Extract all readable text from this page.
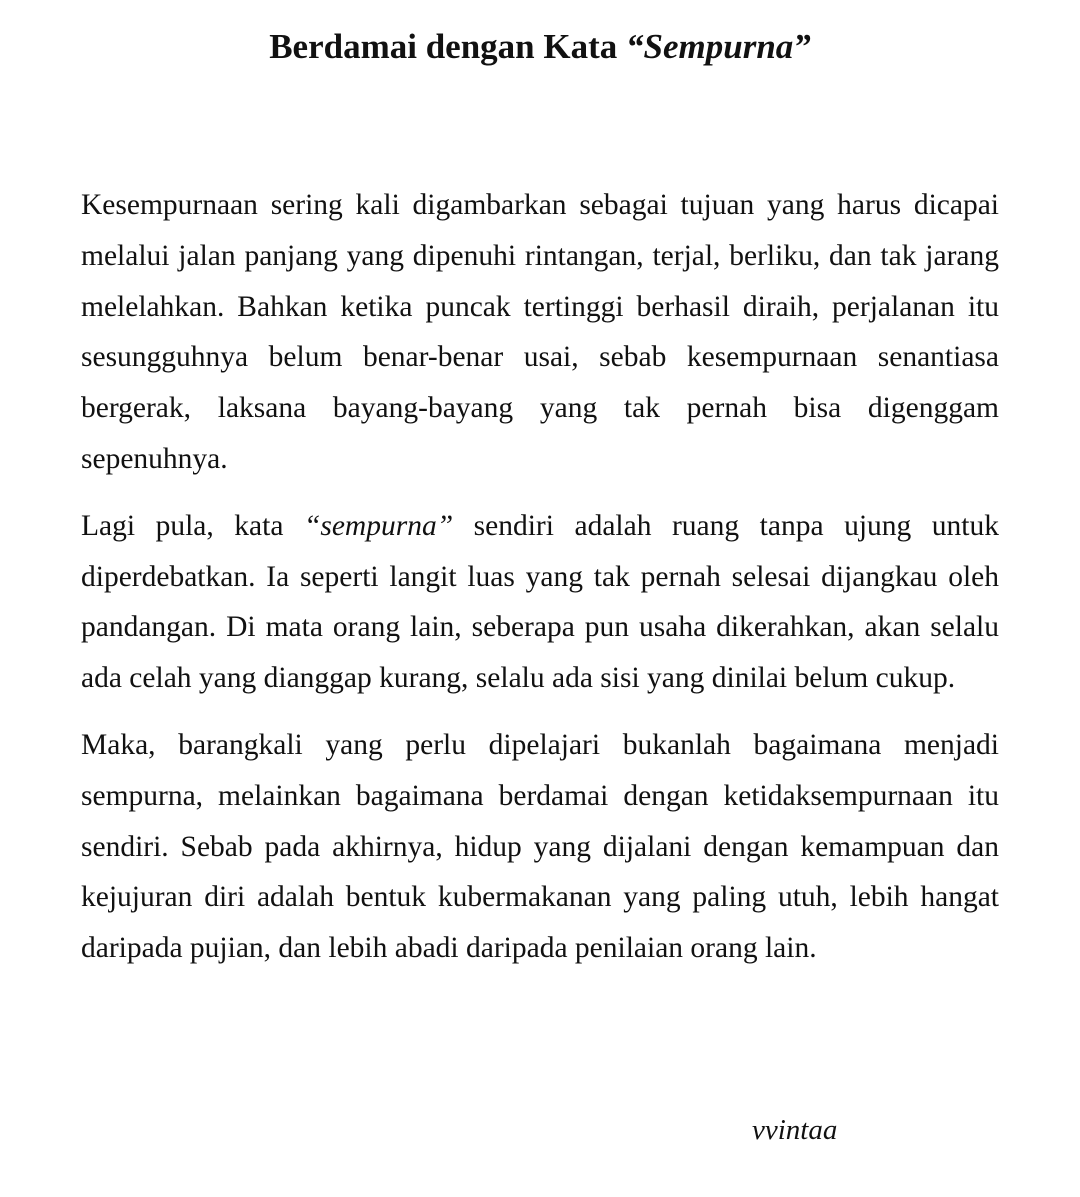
Berdamai dengan Kata “Sempurna”

Kesempurnaan sering kali digambarkan sebagai tujuan yang harus dicapai melalui jalan panjang yang dipenuhi rintangan, terjal, berliku, dan tak jarang melelahkan. Bahkan ketika puncak tertinggi berhasil diraih, perjalanan itu sesungguhnya belum benar-benar usai, sebab kesempurnaan senantiasa bergerak, laksana bayang-bayang yang tak pernah bisa digenggam sepenuhnya.

Lagi pula, kata “sempurna” sendiri adalah ruang tanpa ujung untuk diperdebatkan. Ia seperti langit luas yang tak pernah selesai dijangkau oleh pandangan. Di mata orang lain, seberapa pun usaha dikerahkan, akan selalu ada celah yang dianggap kurang, selalu ada sisi yang dinilai belum cukup.

Maka, barangkali yang perlu dipelajari bukanlah bagaimana menjadi sempurna, melainkan bagaimana berdamai dengan ketidaksempurnaan itu sendiri. Sebab pada akhirnya, hidup yang dijalani dengan kemampuan dan kejujuran diri adalah bentuk kubermakanan yang paling utuh, lebih hangat daripada pujian, dan lebih abadi daripada penilaian orang lain.

vvintaa
